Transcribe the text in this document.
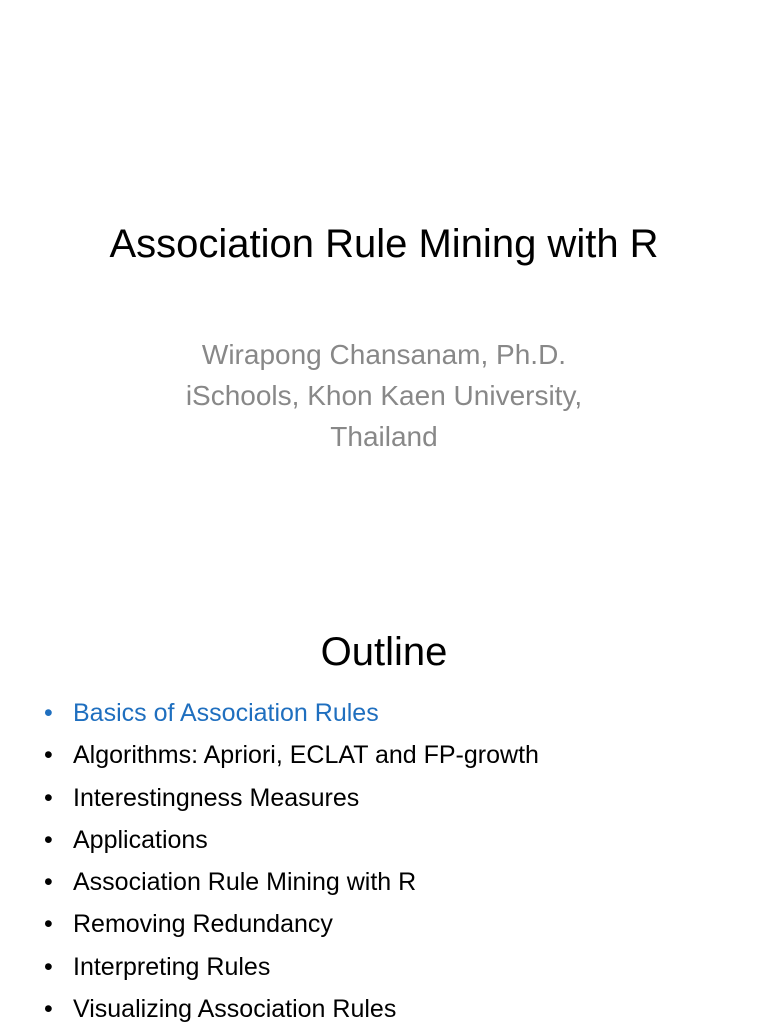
Association Rule Mining with R
Wirapong Chansanam, Ph.D.
iSchools, Khon Kaen University,
Thailand
Outline
• Basics of Association Rules
• Algorithms: Apriori, ECLAT and FP-growth
• Interestingness Measures
• Applications
• Association Rule Mining with R
• Removing Redundancy
• Interpreting Rules
• Visualizing Association Rules
